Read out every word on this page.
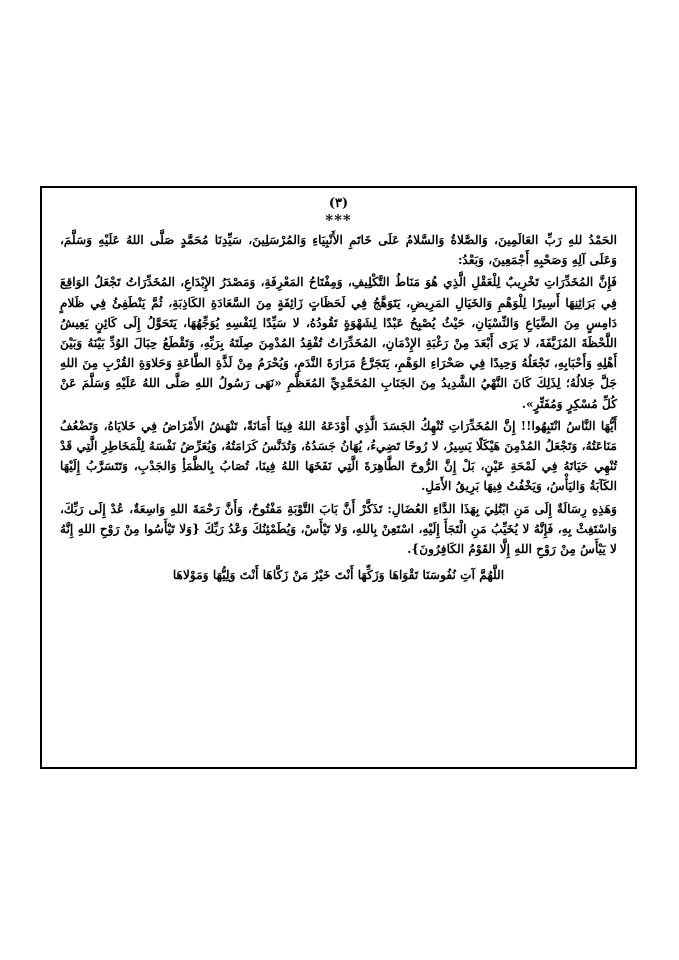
(٣)
***

الحَمْدُ للهِ رَبِّ العَالَمِينَ، وَالصَّلاةُ وَالسَّلامُ عَلَى خَاتَمِ الأَنْبِيَاءِ وَالمُرْسَلِينَ، سَيِّدِنَا مُحَمَّدٍ صَلَّى اللهُ عَلَيْهِ وَسَلَّمَ، وَعَلَى آلِهِ وَصَحْبِهِ أَجْمَعِينَ، وَبَعْدُ:

فَإِنَّ المُخَدِّرَاتِ تَخْرِيبٌ لِلْعَقْلِ الَّذِي هُوَ مَنَاطُ التَّكْلِيفِ، وَمِفْتَاحُ المَعْرِفَةِ، وَمَصْدَرُ الإِبْدَاعِ، المُخَدِّرَاتُ تَجْعَلُ الوَاقِعَ فِي بَرَاثِنِهَا أَسِيرًا لِلْوَهْمِ وَالخَيَالِ المَرِيضِ، يَتَوَهَّجُ فِي لَحَظَاتٍ زَائِفَةٍ مِنَ السَّعَادَةِ الكَاذِبَةِ، ثُمَّ يَنْطَفِئُ فِي ظَلامٍ دَامِسٍ مِنَ الضَّيَاعِ وَالنِّسْيَانِ، حَيْثُ يُصْبِحُ عَبْدًا لِشَهْوَةٍ تَقُودُهُ، لا سَيِّدًا لِنَفْسِهِ يُوَجِّهُهَا، يَتَحَوَّلُ إِلَى كَائِنٍ يَعِيشُ اللَّحْظَةَ المُزَيَّفَةَ، لا يَرَى أَبْعَدَ مِنْ رَغْبَةِ الإِدْمَانِ، المُخَدِّرَاتُ تُفْقِدُ المُدْمِنَ صِلَتَهُ بِرَبِّهِ، وَتَقْطَعُ حِبَالَ الوُدِّ بَيْنَهُ وَبَيْنَ أَهْلِهِ وَأَحْبَابِهِ، تَجْعَلُهُ وَحِيدًا فِي صَحْرَاءِ الوَهْمِ، يَتَجَرَّعُ مَرَارَةَ النَّدَمِ، وَيُحْرَمُ مِنْ لَذَّةِ الطَّاعَةِ وَحَلاوَةِ القُرْبِ مِنَ اللهِ جَلَّ جَلالُهُ؛ لِذَلِكَ كَانَ النَّهْيُ الشَّدِيدُ مِنَ الجَنَابِ المُحَمَّدِيِّ المُعَظَّمِ «نَهَى رَسُولُ اللهِ صَلَّى اللهُ عَلَيْهِ وَسَلَّمَ عَنْ كُلِّ مُسْكِرٍ وَمُفَتِّرٍ».

أَيُّهَا النَّاسُ انْتَبِهُوا!! إِنَّ المُخَدِّرَاتِ تُنْهِكُ الجَسَدَ الَّذِي أَوْدَعَهُ اللهُ فِينَا أَمَانَةً، تَنْهَشُ الأَمْرَاضُ فِي خَلايَاهُ، وَتَضْعُفُ مَنَاعَتُهُ، وَتَجْعَلُ المُدْمِنَ هَيْكَلًا يَسِيرُ، لا رُوحًا تَضِيءُ، يُهَانُ جَسَدُهُ، وَتُدَنَّسُ كَرَامَتُهُ، وَيُعَرِّضُ نَفْسَهُ لِلْمَخَاطِرِ الَّتِي قَدْ تُنْهِي حَيَاتَهُ فِي لَمْحَةِ عَيْنٍ، بَلْ إِنَّ الرُّوحَ الطَّاهِرَةَ الَّتِي نَفَخَهَا اللهُ فِينَا، تُصَابُ بِالظَّمَأِ وَالجَدْبِ، وَتَتَسَرَّبُ إِلَيْهَا الكَآبَةُ وَاليَأْسُ، وَيَخْفُتُ فِيهَا بَرِيقُ الأَمَلِ.

وَهَذِهِ رِسَالَةٌ إِلَى مَنِ ابْتُلِيَ بِهَذَا الدَّاءِ العُضَالِ: تَذَكَّرْ أَنَّ بَابَ التَّوْبَةِ مَفْتُوحٌ، وَأَنَّ رَحْمَةَ اللهِ وَاسِعَةٌ، عُدْ إِلَى رَبِّكَ، وَاسْتَغِثْ بِهِ، فَإِنَّهُ لا يُخَيِّبُ مَنِ الْتَجَأَ إِلَيْهِ، اسْتَعِنْ بِاللهِ، وَلا تَيْأَسْ، وَيُطَمْئِنُكَ وَعْدُ رَبِّكَ {وَلا تَيْأَسُوا مِنْ رَوْحِ اللهِ إِنَّهُ لا يَيْأَسُ مِنْ رَوْحِ اللهِ إِلَّا القَوْمُ الكَافِرُونَ}.

اللَّهُمَّ آتِ نُفُوسَنَا تَقْوَاهَا وَزَكِّهَا أَنْتَ خَيْرُ مَنْ زَكَّاهَا أَنْتَ وَلِيُّهَا وَمَوْلاهَا
